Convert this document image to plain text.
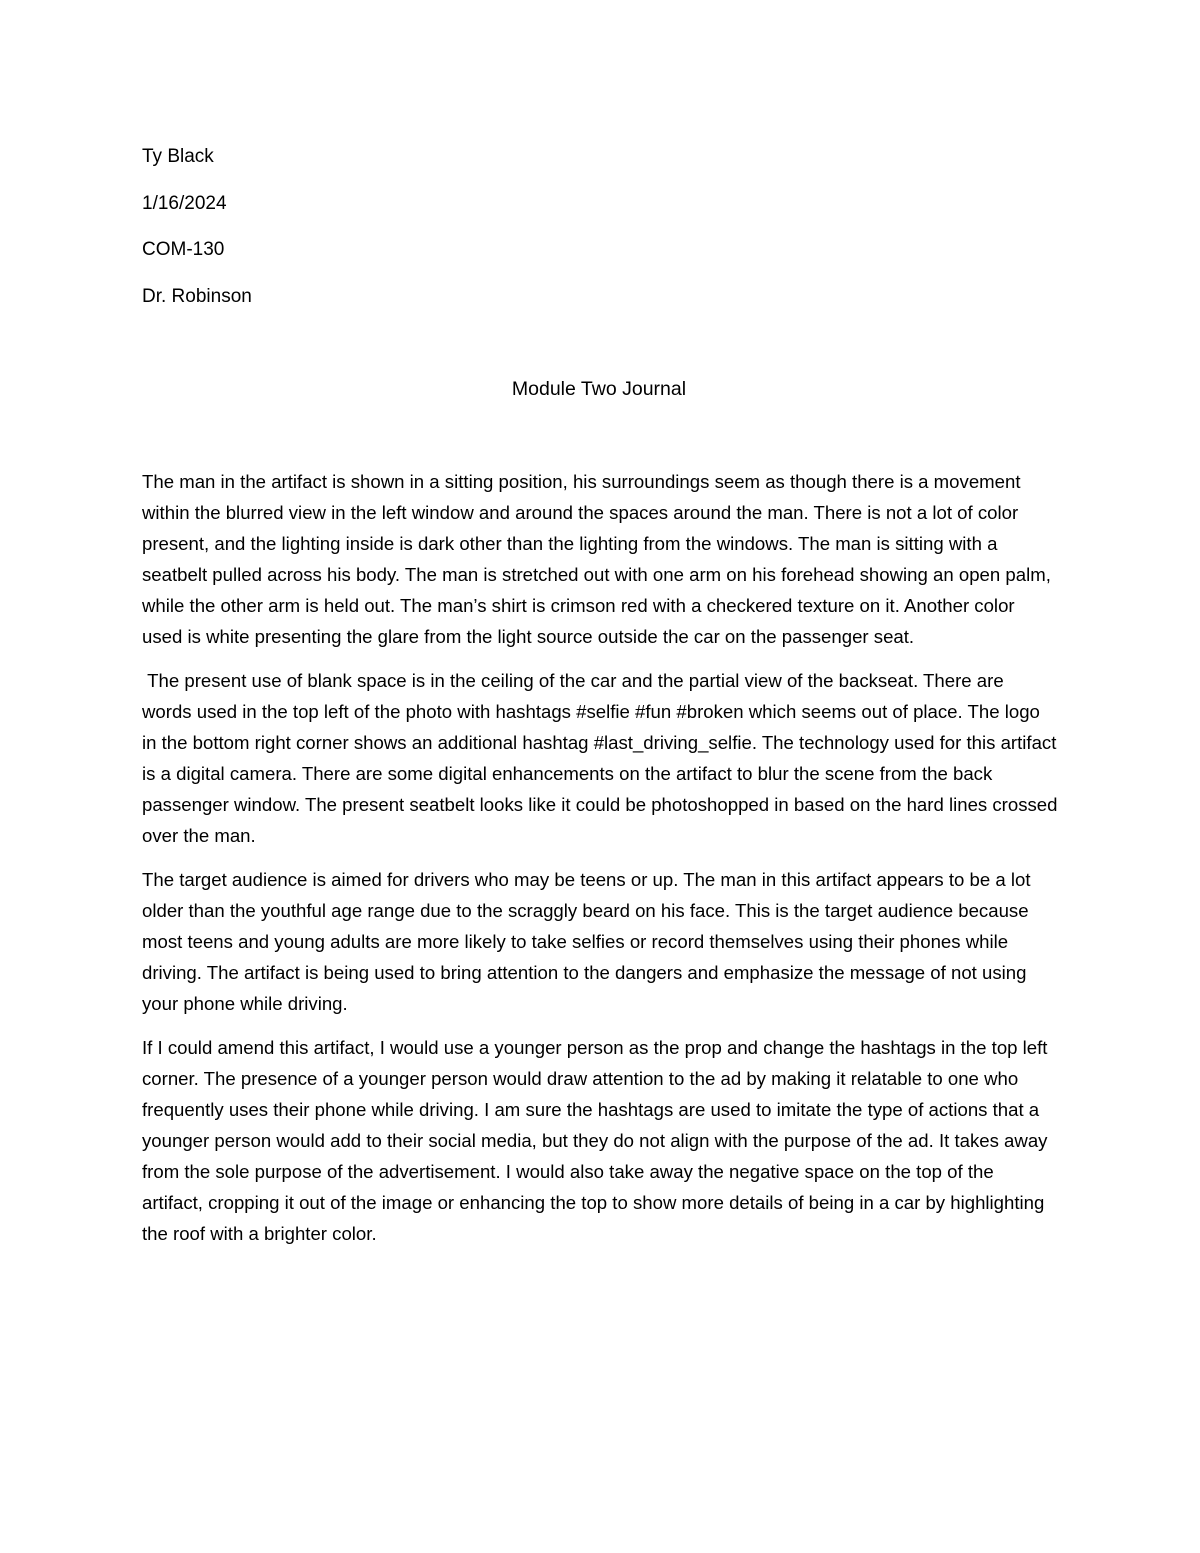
Ty Black
1/16/2024
COM-130
Dr. Robinson
Module Two Journal

The man in the artifact is shown in a sitting position, his surroundings seem as though there is a movement within the blurred view in the left window and around the spaces around the man. There is not a lot of color present, and the lighting inside is dark other than the lighting from the windows. The man is sitting with a seatbelt pulled across his body. The man is stretched out with one arm on his forehead showing an open palm, while the other arm is held out. The man’s shirt is crimson red with a checkered texture on it. Another color used is white presenting the glare from the light source outside the car on the passenger seat.

The present use of blank space is in the ceiling of the car and the partial view of the backseat. There are words used in the top left of the photo with hashtags #selfie #fun #broken which seems out of place. The logo in the bottom right corner shows an additional hashtag #last_driving_selfie. The technology used for this artifact is a digital camera. There are some digital enhancements on the artifact to blur the scene from the back passenger window. The present seatbelt looks like it could be photoshopped in based on the hard lines crossed over the man.

The target audience is aimed for drivers who may be teens or up. The man in this artifact appears to be a lot older than the youthful age range due to the scraggly beard on his face. This is the target audience because most teens and young adults are more likely to take selfies or record themselves using their phones while driving. The artifact is being used to bring attention to the dangers and emphasize the message of not using your phone while driving.

If I could amend this artifact, I would use a younger person as the prop and change the hashtags in the top left corner. The presence of a younger person would draw attention to the ad by making it relatable to one who frequently uses their phone while driving. I am sure the hashtags are used to imitate the type of actions that a younger person would add to their social media, but they do not align with the purpose of the ad. It takes away from the sole purpose of the advertisement. I would also take away the negative space on the top of the artifact, cropping it out of the image or enhancing the top to show more details of being in a car by highlighting the roof with a brighter color.
